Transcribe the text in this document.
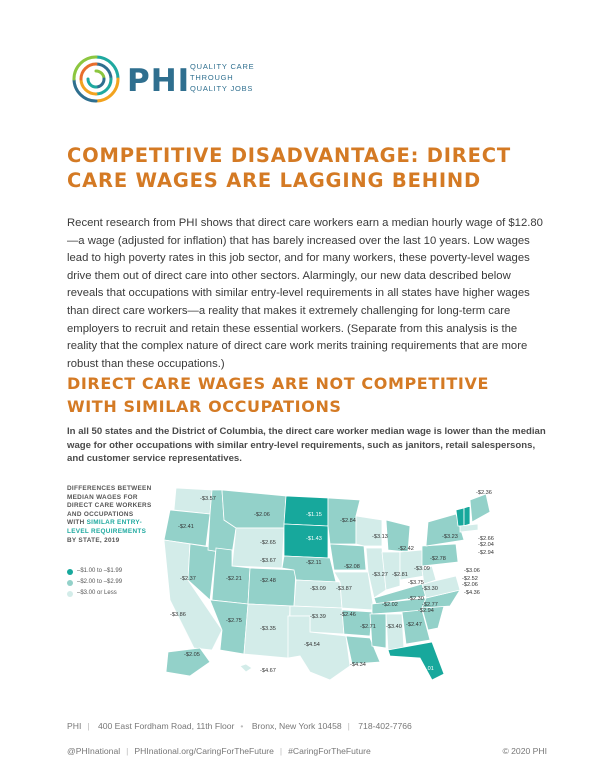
PHI QUALITY CARE
THROUGH
QUALITY JOBS
COMPETITIVE DISADVANTAGE: DIRECT
CARE WAGES ARE LAGGING BEHIND
Recent research from PHI shows that direct care workers earn a median hourly wage of $12.80—a wage (adjusted for inflation) that has barely increased over the last 10 years. Low wages lead to high poverty rates in this job sector, and for many workers, these poverty-level wages drive them out of direct care into other sectors. Alarmingly, our new data described below reveals that occupations with similar entry-level requirements in all states have higher wages than direct care workers—a reality that makes it extremely challenging for long-term care employers to recruit and retain these essential workers. (Separate from this analysis is the reality that the complex nature of direct care work merits training requirements that are more robust than these occupations.)
DIRECT CARE WAGES ARE NOT COMPETITIVE
WITH SIMILAR OCCUPATIONS
In all 50 states and the District of Columbia, the direct care worker median wage is lower than the median wage for other occupations with similar entry-level requirements, such as janitors, retail salespersons, and customer service representatives.
DIFFERENCES BETWEEN
MEDIAN WAGES FOR
DIRECT CARE WORKERS
AND OCCUPATIONS
WITH SIMILAR ENTRY-
LEVEL REQUIREMENTS
BY STATE, 2019
–$1.00 to –$1.99
–$2.00 to –$2.99
–$3.00 or Less
-$3.57
-$2.41
-$2.06	-$1.15
-$1.43
-$2.84
-$3.13
-$2.65
-$3.67
-$2.37	-$2.21	-$2.48
-$2.11
-$2.08
-$2.42
-$3.86
-$3.09 -$3.87
-$3.27 -$2.81
-$3.09
-$2.78
-$3.75
-$3.30
-$2.30
-$2.75
-$3.35
-$3.39	-$2.46
-$2.02	-$2.77
-$2.94
-$2.71 -$3.40 -$2.47
-$4.54
-$4.34
-$2.05
-$4.67	-$1.01
-$2.36
-$1.95
-$1.34
-$2.66
-$2.04
-$2.94
-$3.23
-$3.06
-$2.52
-$2.06
-$4.36
PHI | 400 East Fordham Road, 11th Floor • Bronx, New York 10458 | 718-402-7766
@PHInational | PHInational.org/CaringForTheFuture | #CaringForTheFuture	© 2020 PHI
